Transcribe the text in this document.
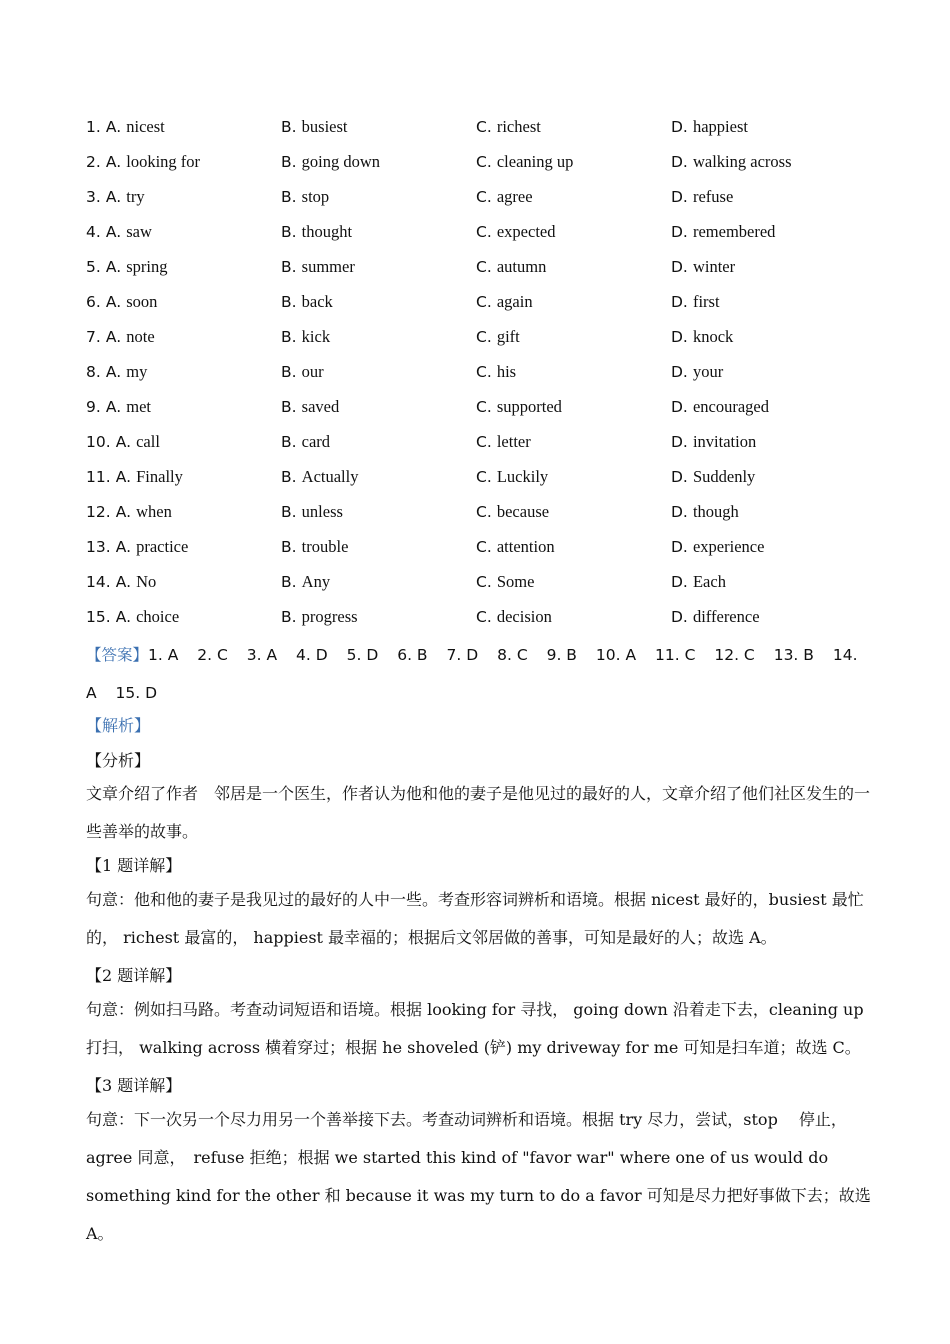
1. A. nicest	B. busiest	C. richest	D. happiest
2. A. looking for	B. going down	C. cleaning up	D. walking across
3. A. try	B. stop	C. agree	D. refuse
4. A. saw	B. thought	C. expected	D. remembered
5. A. spring	B. summer	C. autumn	D. winter
6. A. soon	B. back	C. again	D. first
7. A. note	B. kick	C. gift	D. knock
8. A. my	B. our	C. his	D. your
9. A. met	B. saved	C. supported	D. encouraged
10. A. call	B. card	C. letter	D. invitation
11. A. Finally	B. Actually	C. Luckily	D. Suddenly
12. A. when	B. unless	C. because	D. though
13. A. practice	B. trouble	C. attention	D. experience
14. A. No	B. Any	C. Some	D. Each
15. A. choice	B. progress	C. decision	D. difference
【答案】1. A 2. C 3. A 4. D 5. D 6. B 7. D 8. C 9. B 10. A 11. C 12. C 13. B 14. A 15. D
【解析】
【分析】
文章介绍了作者　邻居是一个医生，作者认为他和他的妻子是他见过的最好的人，文章介绍了他们社区发生的一些善举的故事。
【1 题详解】
句意：他和他的妻子是我见过的最好的人中一些。考查形容词辨析和语境。根据 nicest 最好的，busiest 最忙的， richest 最富的， happiest 最幸福的；根据后文邻居做的善事，可知是最好的人；故选 A。
【2 题详解】
句意：例如扫马路。考查动词短语和语境。根据 looking for 寻找， going down 沿着走下去，cleaning up 打扫， walking across 横着穿过；根据 he shoveled (铲) my driveway for me 可知是扫车道；故选 C。
【3 题详解】
句意：下一次另一个尽力用另一个善举接下去。考查动词辨析和语境。根据 try 尽力，尝试，stop　 停止，agree 同意，　refuse 拒绝；根据 we started this kind of "favor war" where one of us would do something kind for the other 和 because it was my turn to do a favor 可知是尽力把好事做下去；故选 A。
